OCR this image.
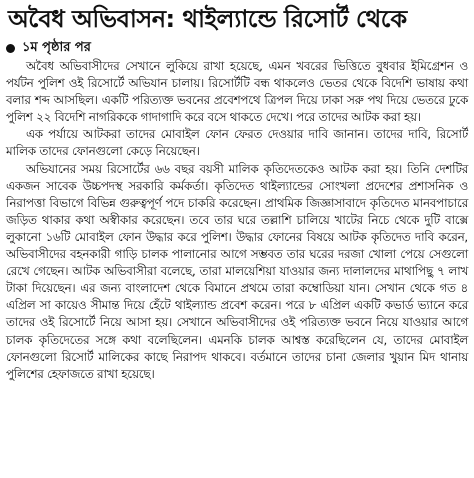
অবৈধ অভিবাসন: থাইল্যান্ডে রিসোর্ট থেকে
১ম পৃষ্ঠার পর

অবৈধ অভিবাসীদের সেখানে লুকিয়ে রাখা হয়েছে, এমন খবরের ভিত্তিতে বুধবার ইমিগ্রেশন ও পর্যটন পুলিশ ওই রিসোর্টে অভিযান চালায়। রিসোর্টটি বন্ধ থাকলেও ভেতর থেকে বিদেশি ভাষায় কথা বলার শব্দ আসছিল। একটি পরিত্যক্ত ভবনের প্রবেশপথে ত্রিপল দিয়ে ঢাকা সরু পথ দিয়ে ভেতরে ঢুকে পুলিশ ২২ বিদেশি নাগরিককে গাদাগাদি করে বসে থাকতে দেখে। পরে তাদের আটক করা হয়।

এক পর্যায়ে আটকরা তাদের মোবাইল ফোন ফেরত দেওয়ার দাবি জানান। তাদের দাবি, রিসোর্ট মালিক তাদের ফোনগুলো কেড়ে নিয়েছেন।

অভিযানের সময় রিসোর্টের ৬৬ বছর বয়সী মালিক কৃতিদেতকেও আটক করা হয়। তিনি দেশটির একজন সাবেক উচ্চপদস্থ সরকারি কর্মকর্তা। কৃতিদেত থাইল্যান্ডের সোংখলা প্রদেশের প্রশাসনিক ও নিরাপত্তা বিভাগে বিভিন্ন গুরুত্বপূর্ণ পদে চাকরি করেছেন। প্রাথমিক জিজ্ঞাসাবাদে কৃতিদেত মানবপাচারে জড়িত থাকার কথা অস্বীকার করেছেন। তবে তার ঘরে তল্লাশি চালিয়ে খাটের নিচে থেকে দুটি বাক্সে লুকানো ১৬টি মোবাইল ফোন উদ্ধার করে পুলিশ। উদ্ধার ফোনের বিষয়ে আটক কৃতিদেত দাবি করেন, অভিবাসীদের বহনকারী গাড়ি চালক পালানোর আগে সম্ভবত তার ঘরের দরজা খোলা পেয়ে সেগুলো রেখে গেছেন। আটক অভিবাসীরা বলেছে, তারা মালয়েশিয়া যাওয়ার জন্য দালালদের মাথাপিছু ৭ লাখ টাকা দিয়েছেন। এর জন্য বাংলাদেশ থেকে বিমানে প্রথমে তারা কম্বোডিয়া যান। সেখান থেকে গত ৪ এপ্রিল সা কায়েও সীমান্ত দিয়ে হেঁটে থাইল্যান্ড প্রবেশ করেন। পরে ৮ এপ্রিল একটি কভার্ড ভ্যানে করে তাদের ওই রিসোর্টে নিয়ে আসা হয়। সেখানে অভিবাসীদের ওই পরিত্যক্ত ভবনে নিয়ে যাওয়ার আগে চালক কৃতিদেতের সঙ্গে কথা বলেছিলেন। এমনকি চালক আশ্বস্ত করেছিলেন যে, তাদের মোবাইল ফোনগুলো রিসোর্ট মালিকের কাছে নিরাপদ থাকবে। বর্তমানে তাদের চানা জেলার খুয়ান মিদ থানায় পুলিশের হেফাজতে রাখা হয়েছে।
